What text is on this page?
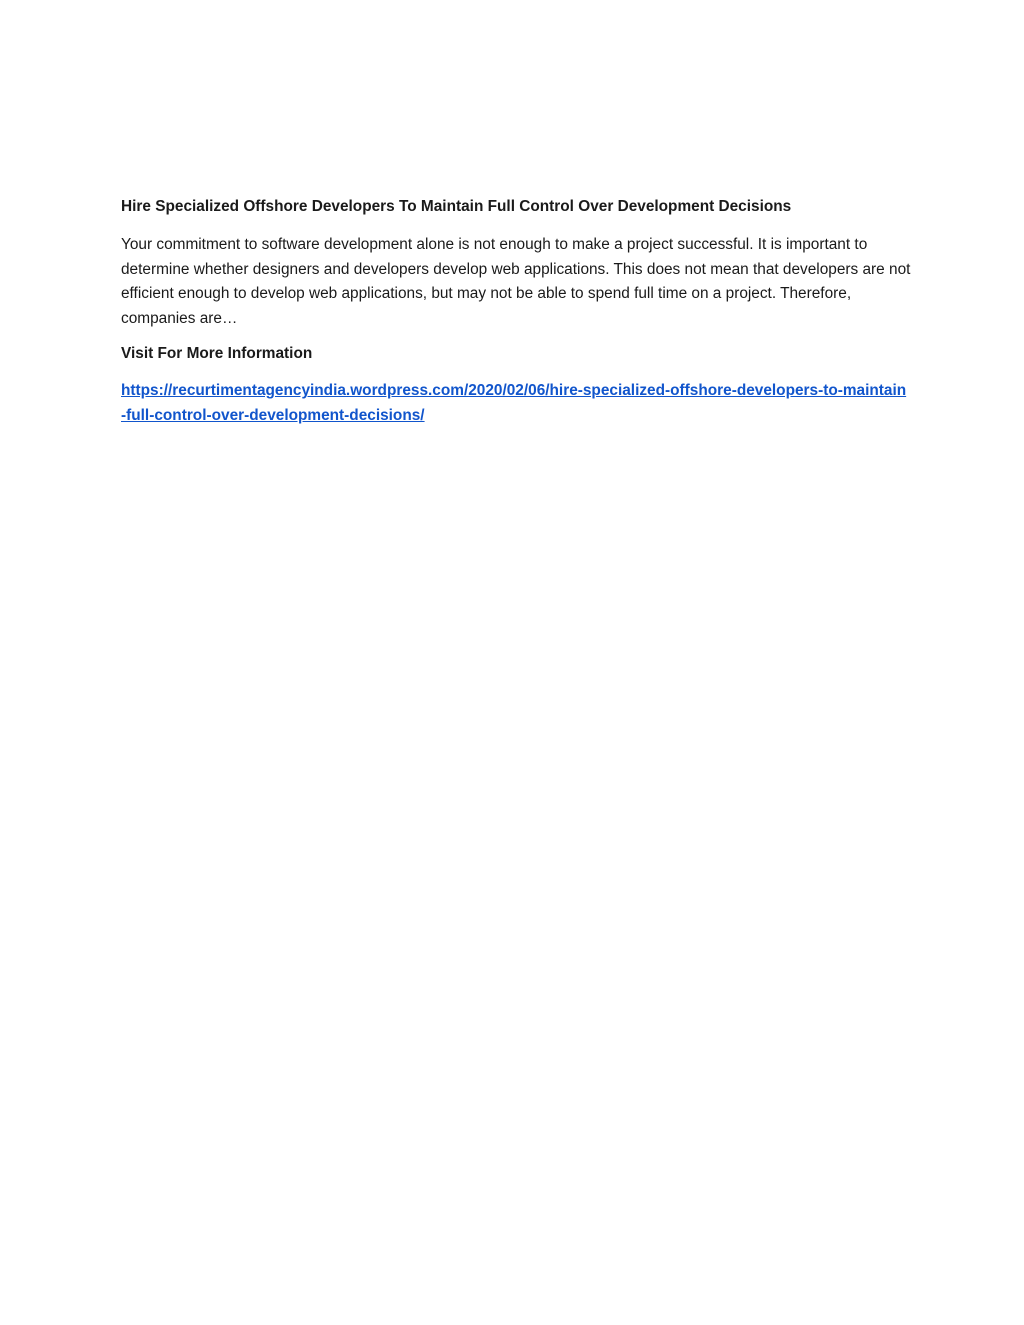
Hire Specialized Offshore Developers To Maintain Full Control Over Development Decisions

Your commitment to software development alone is not enough to make a project successful. It is important to determine whether designers and developers develop web applications. This does not mean that developers are not efficient enough to develop web applications, but may not be able to spend full time on a project. Therefore, companies are…

Visit For More Information
https://recurtimentagencyindia.wordpress.com/2020/02/06/hire-specialized-offshore-developers-to-maintain-full-control-over-development-decisions/
